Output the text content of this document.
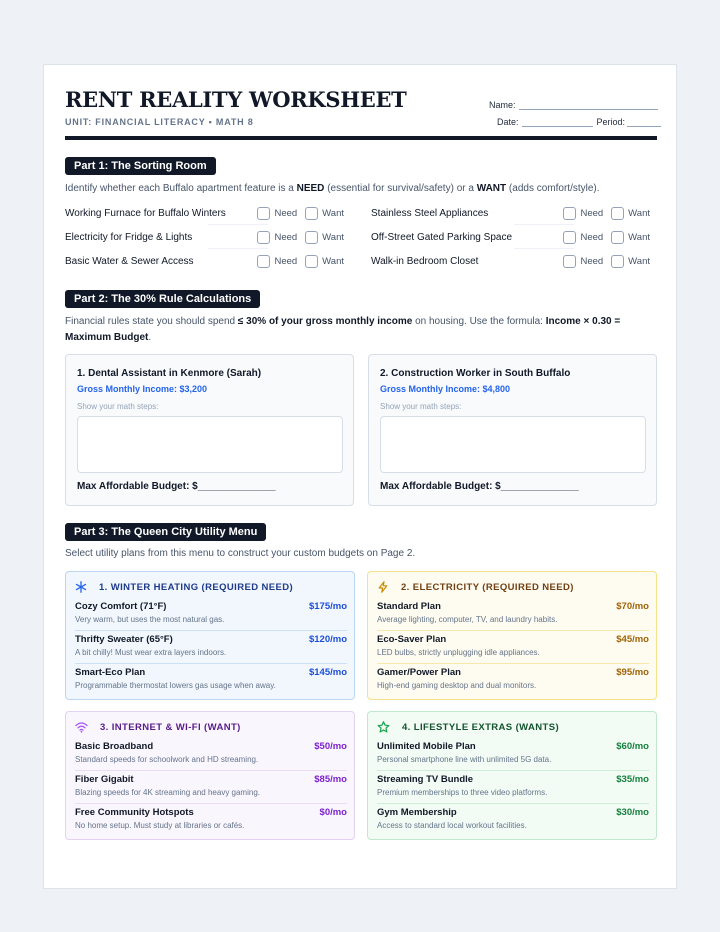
RENT REALITY WORKSHEET
UNIT: FINANCIAL LITERACY • MATH 8
Name:
Date:	Period:
Part 1: The Sorting Room
Identify whether each Buffalo apartment feature is a NEED (essential for survival/safety) or a WANT (adds comfort/style).
Working Furnace for Buffalo Winters	Need	Want
Electricity for Fridge & Lights	Need	Want
Basic Water & Sewer Access	Need	Want
Stainless Steel Appliances	Need	Want
Off-Street Gated Parking Space	Need	Want
Walk-in Bedroom Closet	Need	Want
Part 2: The 30% Rule Calculations
Financial rules state you should spend ≤ 30% of your gross monthly income on housing. Use the formula: Income × 0.30 = Maximum Budget.
1. Dental Assistant in Kenmore (Sarah)
Gross Monthly Income: $3,200
Show your math steps:
Max Affordable Budget: $______________
2. Construction Worker in South Buffalo
Gross Monthly Income: $4,800
Show your math steps:
Max Affordable Budget: $______________
Part 3: The Queen City Utility Menu
Select utility plans from this menu to construct your custom budgets on Page 2.
1. WINTER HEATING (REQUIRED NEED)
Cozy Comfort (71°F)
Very warm, but uses the most natural gas.
$175/mo
Thrifty Sweater (65°F)
A bit chilly! Must wear extra layers indoors.
$120/mo
Smart-Eco Plan
Programmable thermostat lowers gas usage when away.
$145/mo
2. ELECTRICITY (REQUIRED NEED)
Standard Plan
Average lighting, computer, TV, and laundry habits.
$70/mo
Eco-Saver Plan
LED bulbs, strictly unplugging idle appliances.
$45/mo
Gamer/Power Plan
High-end gaming desktop and dual monitors.
$95/mo
3. INTERNET & WI-FI (WANT)
Basic Broadband
Standard speeds for schoolwork and HD streaming.
$50/mo
Fiber Gigabit
Blazing speeds for 4K streaming and heavy gaming.
$85/mo
Free Community Hotspots
No home setup. Must study at libraries or cafés.
$0/mo
4. LIFESTYLE EXTRAS (WANTS)
Unlimited Mobile Plan
Personal smartphone line with unlimited 5G data.
$60/mo
Streaming TV Bundle
Premium memberships to three video platforms.
$35/mo
Gym Membership
Access to standard local workout facilities.
$30/mo
